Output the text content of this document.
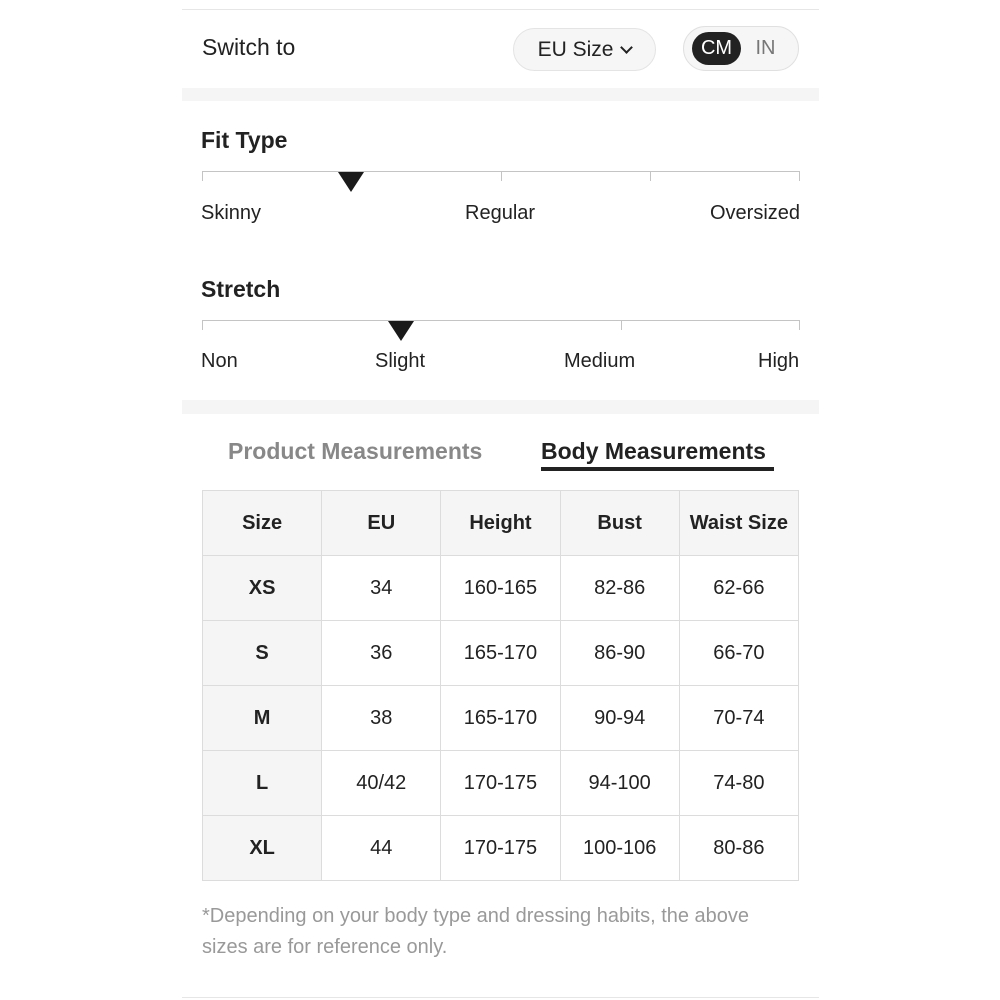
Switch to	EU Size	CM	IN
Fit Type
Skinny	Regular	Oversized
Stretch
Non	Slight	Medium	High
Product Measurements	Body Measurements
Size	EU	Height	Bust	Waist Size
XS	34	160-165	82-86	62-66
S	36	165-170	86-90	66-70
M	38	165-170	90-94	70-74
L	40/42	170-175	94-100	74-80
XL	44	170-175	100-106	80-86
*Depending on your body type and dressing habits, the above sizes are for reference only.
